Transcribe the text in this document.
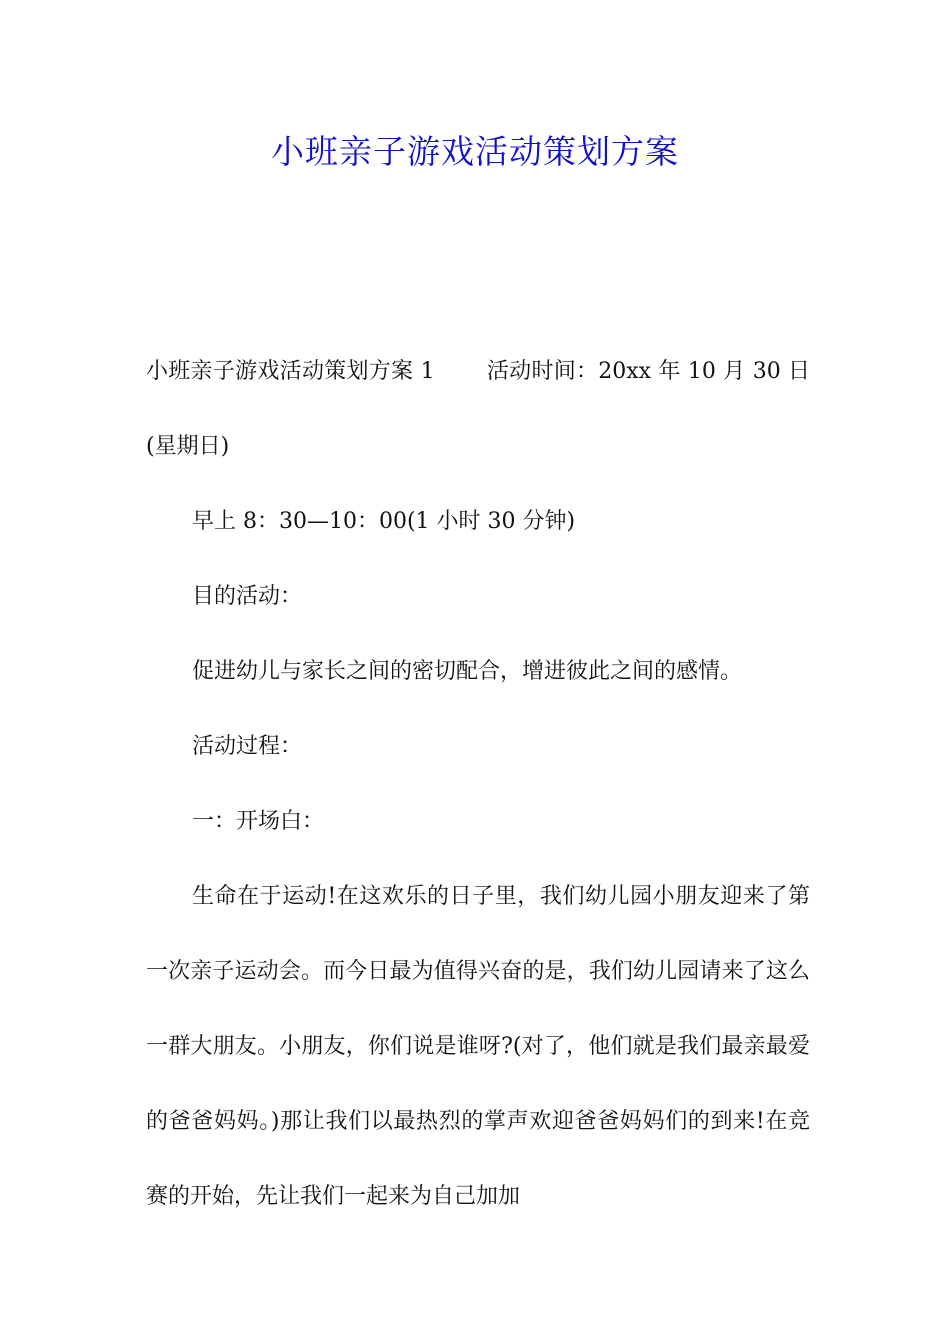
小班亲子游戏活动策划方案

小班亲子游戏活动策划方案 1 活动时间：20xx 年 10 月 30 日(星期日)

早上 8：30—10：00(1 小时 30 分钟)

目的活动：

促进幼儿与家长之间的密切配合，增进彼此之间的感情。

活动过程：

一：开场白：

生命在于运动!在这欢乐的日子里，我们幼儿园小朋友迎来了第一次亲子运动会。而今日最为值得兴奋的是，我们幼儿园请来了这么一群大朋友。小朋友，你们说是谁呀?(对了，他们就是我们最亲最爱的爸爸妈妈。)那让我们以最热烈的掌声欢迎爸爸妈妈们的到来!在竞赛的开始，先让我们一起来为自己加加
